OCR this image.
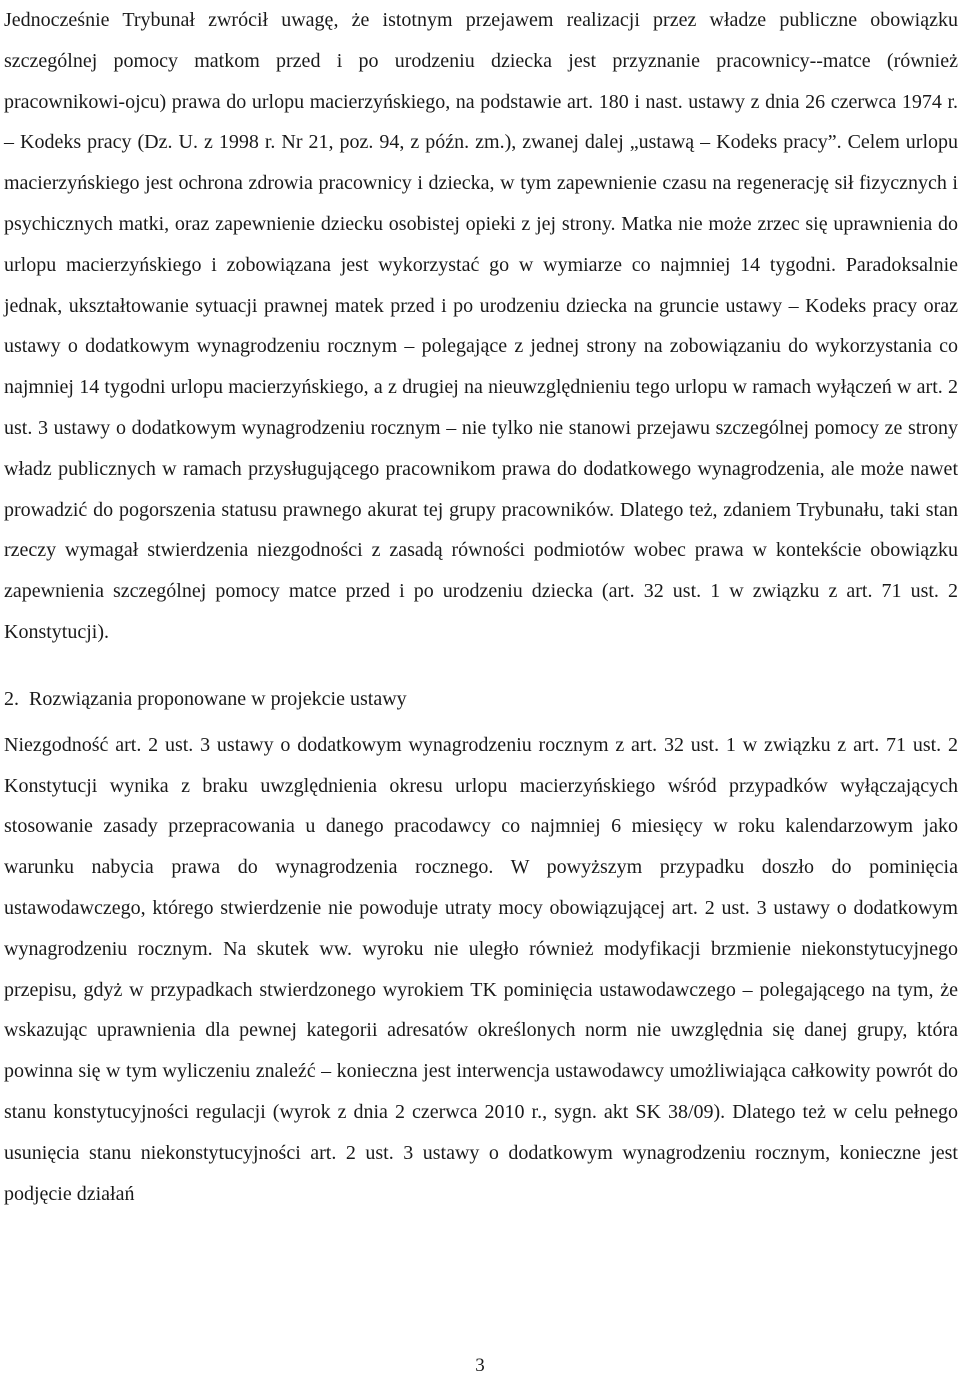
Jednocześnie Trybunał zwrócił uwagę, że istotnym przejawem realizacji przez władze publiczne obowiązku szczególnej pomocy matkom przed i po urodzeniu dziecka jest przyznanie pracownicy--matce (również pracownikowi-ojcu) prawa do urlopu macierzyńskiego, na podstawie art. 180 i nast. ustawy z dnia 26 czerwca 1974 r. – Kodeks pracy (Dz. U. z 1998 r. Nr 21, poz. 94, z późn. zm.), zwanej dalej „ustawą – Kodeks pracy”. Celem urlopu macierzyńskiego jest ochrona zdrowia pracownicy i dziecka, w tym zapewnienie czasu na regenerację sił fizycznych i psychicznych matki, oraz zapewnienie dziecku osobistej opieki z jej strony. Matka nie może zrzec się uprawnienia do urlopu macierzyńskiego i zobowiązana jest wykorzystać go w wymiarze co najmniej 14 tygodni. Paradoksalnie jednak, ukształtowanie sytuacji prawnej matek przed i po urodzeniu dziecka na gruncie ustawy – Kodeks pracy oraz ustawy o dodatkowym wynagrodzeniu rocznym – polegające z jednej strony na zobowiązaniu do wykorzystania co najmniej 14 tygodni urlopu macierzyńskiego, a z drugiej na nieuwzględnieniu tego urlopu w ramach wyłączeń w art. 2 ust. 3 ustawy o dodatkowym wynagrodzeniu rocznym – nie tylko nie stanowi przejawu szczególnej pomocy ze strony władz publicznych w ramach przysługującego pracownikom prawa do dodatkowego wynagrodzenia, ale może nawet prowadzić do pogorszenia statusu prawnego akurat tej grupy pracowników. Dlatego też, zdaniem Trybunału, taki stan rzeczy wymagał stwierdzenia niezgodności z zasadą równości podmiotów wobec prawa w kontekście obowiązku zapewnienia szczególnej pomocy matce przed i po urodzeniu dziecka (art. 32 ust. 1 w związku z art. 71 ust. 2 Konstytucji).

2. Rozwiązania proponowane w projekcie ustawy

Niezgodność art. 2 ust. 3 ustawy o dodatkowym wynagrodzeniu rocznym z art. 32 ust. 1 w związku z art. 71 ust. 2 Konstytucji wynika z braku uwzględnienia okresu urlopu macierzyńskiego wśród przypadków wyłączających stosowanie zasady przepracowania u danego pracodawcy co najmniej 6 miesięcy w roku kalendarzowym jako warunku nabycia prawa do wynagrodzenia rocznego. W powyższym przypadku doszło do pominięcia ustawodawczego, którego stwierdzenie nie powoduje utraty mocy obowiązującej art. 2 ust. 3 ustawy o dodatkowym wynagrodzeniu rocznym. Na skutek ww. wyroku nie uległo również modyfikacji brzmienie niekonstytucyjnego przepisu, gdyż w przypadkach stwierdzonego wyrokiem TK pominięcia ustawodawczego – polegającego na tym, że wskazując uprawnienia dla pewnej kategorii adresatów określonych norm nie uwzględnia się danej grupy, która powinna się w tym wyliczeniu znaleźć – konieczna jest interwencja ustawodawcy umożliwiająca całkowity powrót do stanu konstytucyjności regulacji (wyrok z dnia 2 czerwca 2010 r., sygn. akt SK 38/09). Dlatego też w celu pełnego usunięcia stanu niekonstytucyjności art. 2 ust. 3 ustawy o dodatkowym wynagrodzeniu rocznym, konieczne jest podjęcie działań

3
